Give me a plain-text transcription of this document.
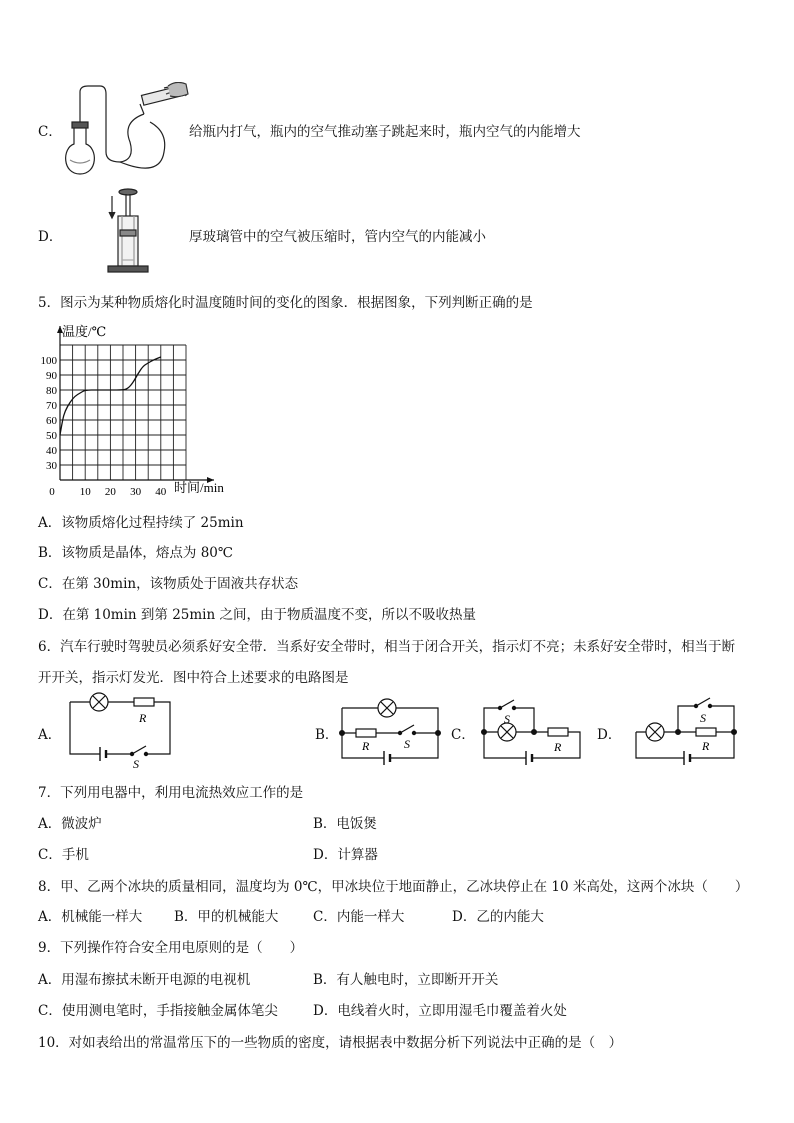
C．	给瓶内打气，瓶内的空气推动塞子跳起来时，瓶内空气的内能增大
D．	厚玻璃管中的空气被压缩时，管内空气的内能减小
5．图示为某种物质熔化时温度随时间的变化的图象．根据图象，下列判断正确的是
0 10 20 30 40
30
40
50
60
70
80
90
100
温度/℃
时间/min
A．该物质熔化过程持续了 25min
B．该物质是晶体，熔点为 80℃
C．在第 30min，该物质处于固液共存状态
D．在第 10min 到第 25min 之间，由于物质温度不变，所以不吸收热量
6．汽车行驶时驾驶员必须系好安全带．当系好安全带时，相当于闭合开关，指示灯不亮；未系好安全带时，相当于断
开开关，指示灯发光．图中符合上述要求的电路图是
A．
R
S
B．
R	S
C．
S
R
D．
S
R
7．下列用电器中，利用电流热效应工作的是
A．微波炉	B．电饭煲
C．手机	D．计算器
8．甲、乙两个冰块的质量相同，温度均为 0℃，甲冰块位于地面静止，乙冰块停止在 10 米高处，这两个冰块（　　）
A．机械能一样大 B．甲的机械能大	C．内能一样大	D．乙的内能大
9．下列操作符合安全用电原则的是（　　）
A．用湿布擦拭未断开电源的电视机	B．有人触电时，立即断开开关
C．使用测电笔时，手指接触金属体笔尖	D．电线着火时，立即用湿毛巾覆盖着火处
10．对如表给出的常温常压下的一些物质的密度，请根据表中数据分析下列说法中正确的是（　）
